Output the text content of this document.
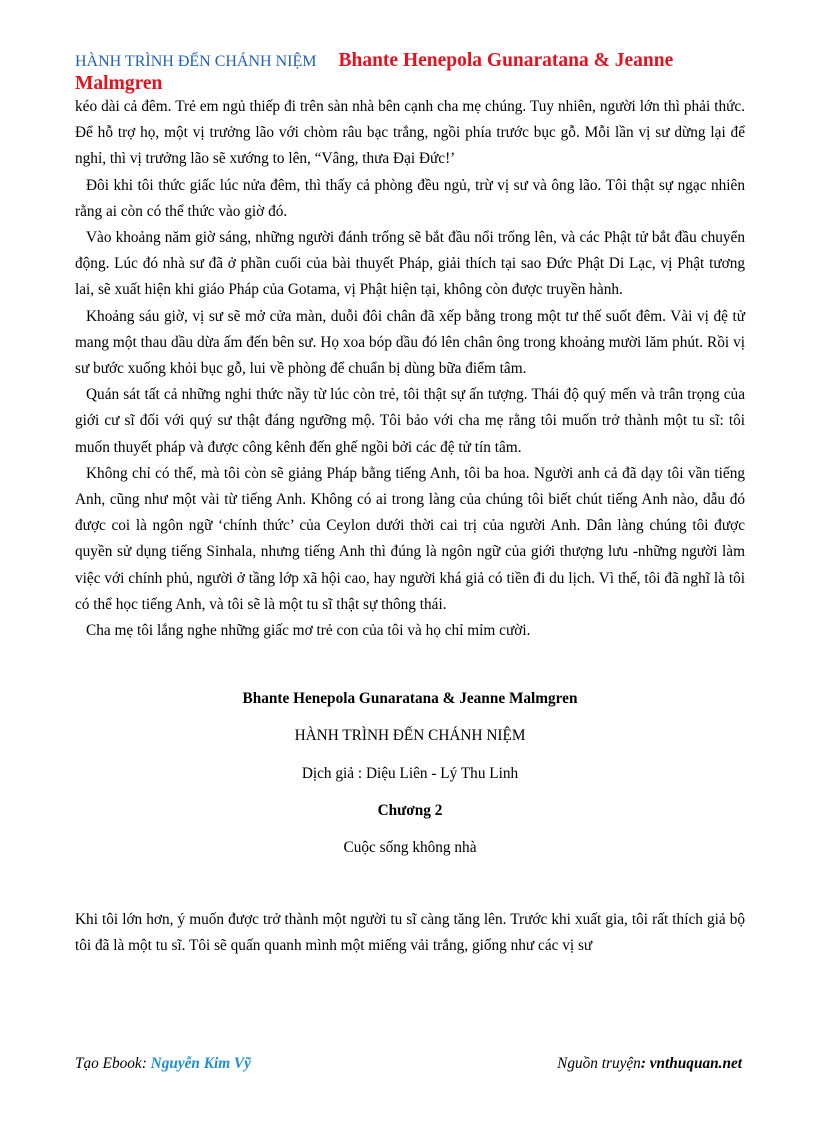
HÀNH TRÌNH ĐẾN CHÁNH NIỆM Bhante Henepola Gunaratana & Jeanne Malmgren

kéo dài cả đêm. Trẻ em ngủ thiếp đi trên sàn nhà bên cạnh cha mẹ chúng. Tuy nhiên, người lớn thì phải thức. Để hỗ trợ họ, một vị trưởng lão với chòm râu bạc trắng, ngồi phía trước bục gỗ. Mỗi lần vị sư dừng lại để nghỉ, thì vị trưởng lão sẽ xướng to lên, “Vâng, thưa Đại Đức!’

Đôi khi tôi thức giấc lúc nửa đêm, thì thấy cả phòng đều ngủ, trừ vị sư và ông lão. Tôi thật sự ngạc nhiên rằng ai còn có thể thức vào giờ đó.

Vào khoảng năm giờ sáng, những người đánh trống sẽ bắt đầu nổi trống lên, và các Phật tử bắt đầu chuyển động. Lúc đó nhà sư đã ở phần cuối của bài thuyết Pháp, giải thích tại sao Đức Phật Di Lạc, vị Phật tương lai, sẽ xuất hiện khi giáo Pháp của Gotama, vị Phật hiện tại, không còn được truyền hành.

Khoảng sáu giờ, vị sư sẽ mở cửa màn, duỗi đôi chân đã xếp bằng trong một tư thế suốt đêm. Vài vị đệ tử mang một thau dầu dừa ấm đến bên sư. Họ xoa bóp dầu đó lên chân ông trong khoảng mười lăm phút. Rồi vị sư bước xuống khỏi bục gỗ, lui về phòng để chuẩn bị dùng bữa điểm tâm.

Quán sát tất cả những nghi thức nầy từ lúc còn trẻ, tôi thật sự ấn tượng. Thái độ quý mến và trân trọng của giới cư sĩ đối với quý sư thật đáng ngưỡng mộ. Tôi bảo với cha mẹ rằng tôi muốn trở thành một tu sĩ: tôi muốn thuyết pháp và được công kênh đến ghế ngồi bởi các đệ tử tín tâm.

Không chỉ có thế, mà tôi còn sẽ giảng Pháp bằng tiếng Anh, tôi ba hoa. Người anh cả đã dạy tôi vần tiếng Anh, cũng như một vài từ tiếng Anh. Không có ai trong làng của chúng tôi biết chút tiếng Anh nào, dẫu đó được coi là ngôn ngữ ‘chính thức’ của Ceylon dưới thời cai trị của người Anh. Dân làng chúng tôi được quyền sử dụng tiếng Sinhala, nhưng tiếng Anh thì đúng là ngôn ngữ của giới thượng lưu -những người làm việc với chính phủ, người ở tầng lớp xã hội cao, hay người khá giả có tiền đi du lịch. Vì thế, tôi đã nghĩ là tôi có thể học tiếng Anh, và tôi sẽ là một tu sĩ thật sự thông thái.

Cha mẹ tôi lắng nghe những giấc mơ trẻ con của tôi và họ chỉ mỉm cười.

Bhante Henepola Gunaratana & Jeanne Malmgren

HÀNH TRÌNH ĐẾN CHÁNH NIỆM

Dịch giả : Diệu Liên - Lý Thu Linh

Chương 2

Cuộc sống không nhà

Khi tôi lớn hơn, ý muốn được trở thành một người tu sĩ càng tăng lên. Trước khi xuất gia, tôi rất thích giả bộ tôi đã là một tu sĩ. Tôi sẽ quấn quanh mình một miếng vải trắng, giống như các vị sư

Tạo Ebook: Nguyễn Kim Vỹ	Nguồn truyện: vnthuquan.net
